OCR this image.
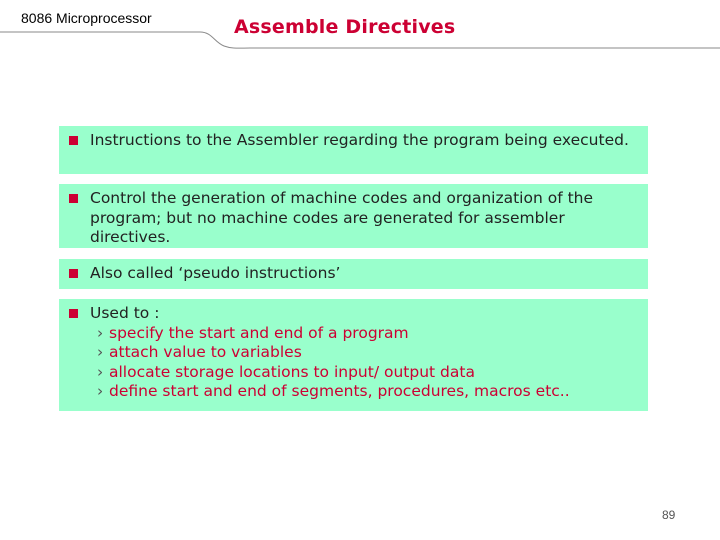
8086 Microprocessor	Assemble Directives
Instructions to the Assembler regarding the program being executed.
Control the generation of machine codes and organization of the program; but no machine codes are generated for assembler directives.
Also called ‘pseudo instructions’
Used to :
› specify the start and end of a program
› attach value to variables
› allocate storage locations to input/ output data
› define start and end of segments, procedures, macros etc..
89
